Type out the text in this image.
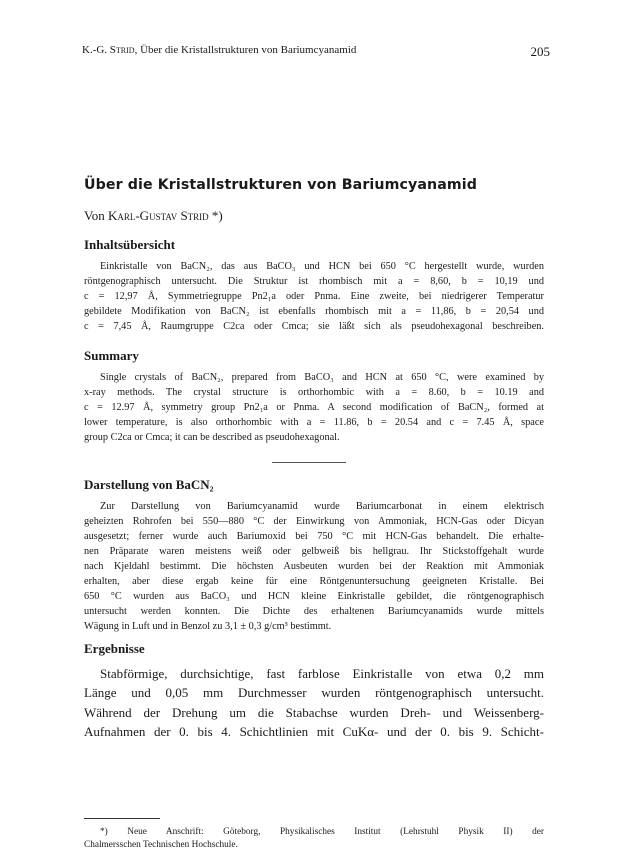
K.-G. Strid, Über die Kristallstrukturen von Bariumcyanamid	205
Über die Kristallstrukturen von Bariumcyanamid
Von Karl-Gustav Strid *)
Inhaltsübersicht
Einkristalle von BaCN₂, das aus BaCO₃ und HCN bei 650 °C hergestellt wurde, wurden
röntgenographisch untersucht. Die Struktur ist rhombisch mit a = 8,60, b = 10,19 und
c = 12,97 Å, Symmetriegruppe Pn2₁a oder Pnma. Eine zweite, bei niedrigerer Temperatur
gebildete Modifikation von BaCN₂ ist ebenfalls rhombisch mit a = 11,86, b = 20,54 und
c = 7,45 Å, Raumgruppe C2ca oder Cmca; sie läßt sich als pseudohexagonal beschreiben.
Summary
Single crystals of BaCN₂, prepared from BaCO₃ and HCN at 650 °C, were examined by
x-ray methods. The crystal structure is orthorhombic with a = 8.60, b = 10.19 and
c = 12.97 Å, symmetry group Pn2₁a or Pnma. A second modification of BaCN₂, formed at
lower temperature, is also orthorhombic with a = 11.86, b = 20.54 and c = 7.45 Å, space
group C2ca or Cmca; it can be described as pseudohexagonal.
Darstellung von BaCN₂
Zur Darstellung von Bariumcyanamid wurde Bariumcarbonat in einem elektrisch
geheizten Rohrofen bei 550—880 °C der Einwirkung von Ammoniak, HCN-Gas oder Dicyan
ausgesetzt; ferner wurde auch Bariumoxid bei 750 °C mit HCN-Gas behandelt. Die erhalte-
nen Präparate waren meistens weiß oder gelbweiß bis hellgrau. Ihr Stickstoffgehalt wurde
nach Kjeldahl bestimmt. Die höchsten Ausbeuten wurden bei der Reaktion mit Ammoniak
erhalten, aber diese ergab keine für eine Röntgenuntersuchung geeigneten Kristalle. Bei
650 °C wurden aus BaCO₃ und HCN kleine Einkristalle gebildet, die röntgenographisch
untersucht werden konnten. Die Dichte des erhaltenen Bariumcyanamids wurde mittels
Wägung in Luft und in Benzol zu 3,1 ± 0,3 g/cm³ bestimmt.
Ergebnisse
Stabförmige, durchsichtige, fast farblose Einkristalle von etwa 0,2 mm
Länge und 0,05 mm Durchmesser wurden röntgenographisch untersucht.
Während der Drehung um die Stabachse wurden Dreh- und Weissenberg-
Aufnahmen der 0. bis 4. Schichtlinien mit CuKα- und der 0. bis 9. Schicht-
*) Neue Anschrift: Göteborg, Physikalisches Institut (Lehrstuhl Physik II) der
Chalmersschen Technischen Hochschule.
